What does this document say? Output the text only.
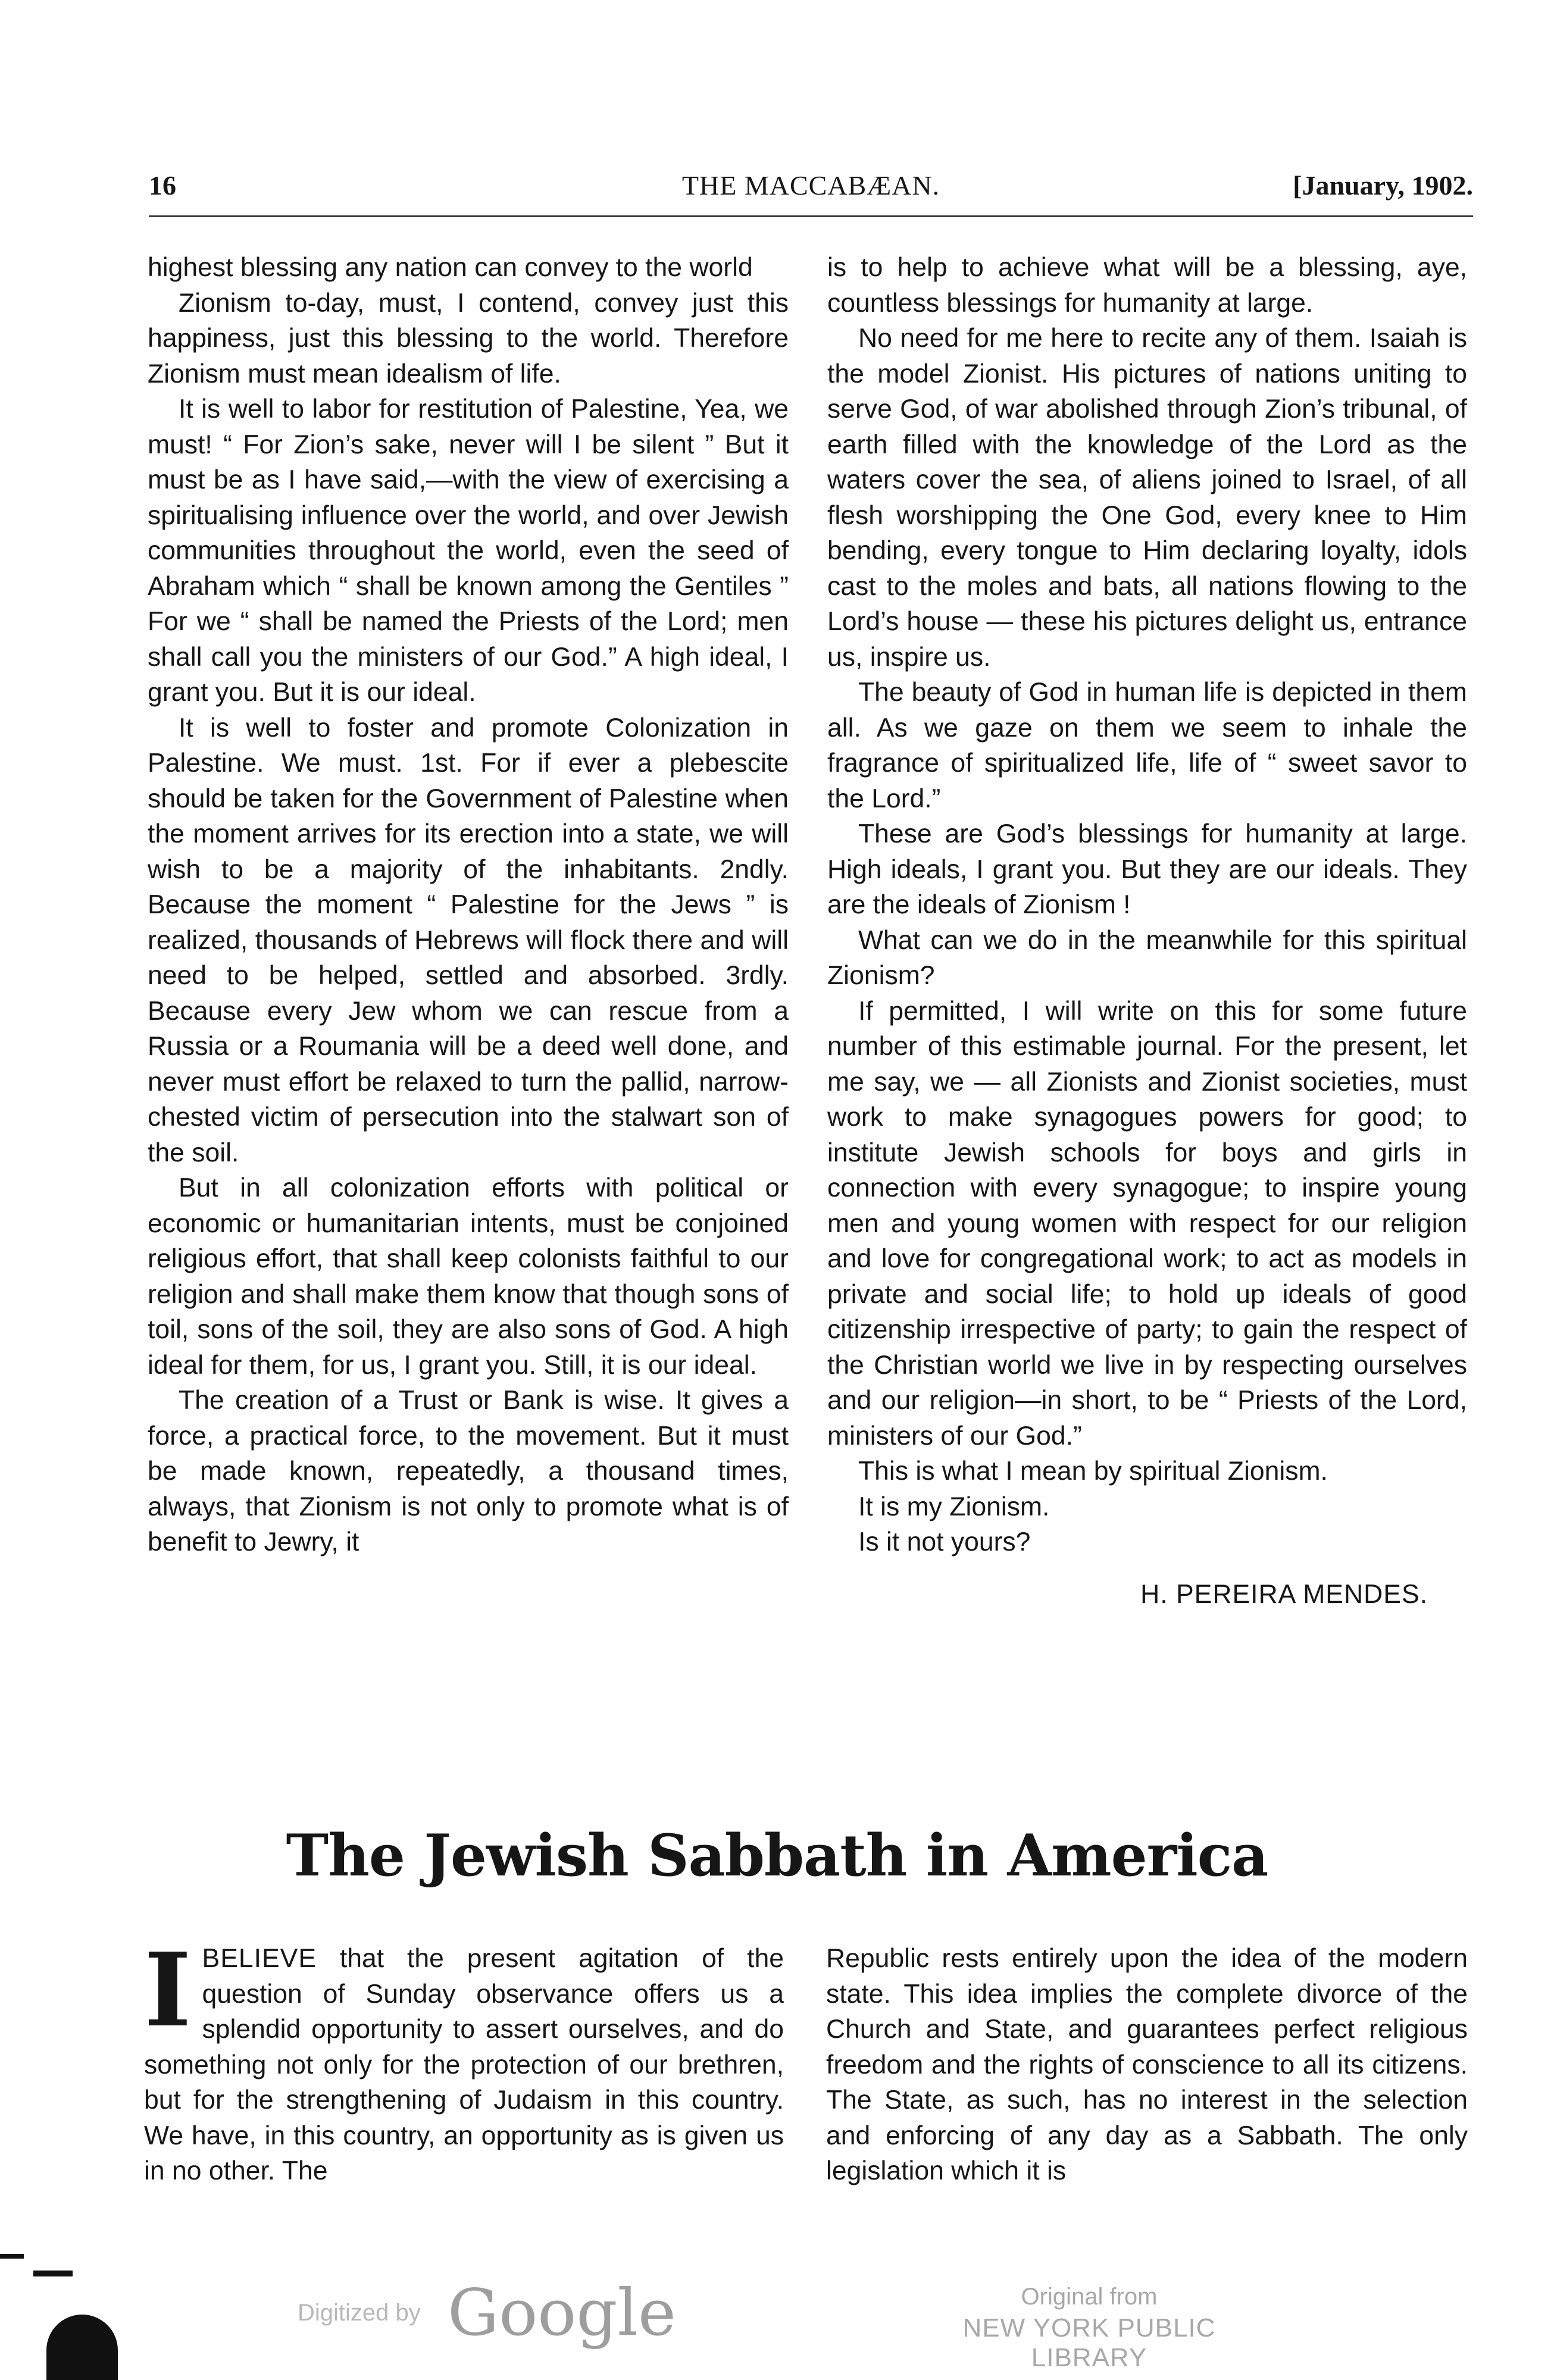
16	THE MACCABÆAN.	[January, 1902.

highest blessing any nation can convey to the world

Zionism to-day, must, I contend, convey just this happiness, just this blessing to the world. Therefore Zionism must mean idealism of life.

It is well to labor for restitution of Palestine, Yea, we must! “ For Zion’s sake, never will I be silent ” But it must be as I have said,—with the view of exercising a spiritualising influence over the world, and over Jewish communities throughout the world, even the seed of Abraham which “ shall be known among the Gentiles ” For we “ shall be named the Priests of the Lord; men shall call you the ministers of our God.” A high ideal, I grant you. But it is our ideal.

It is well to foster and promote Colonization in Palestine. We must. 1st. For if ever a plebescite should be taken for the Government of Palestine when the moment arrives for its erection into a state, we will wish to be a majority of the inhabitants. 2ndly. Because the moment “ Palestine for the Jews ” is realized, thousands of Hebrews will flock there and will need to be helped, settled and absorbed. 3rdly. Because every Jew whom we can rescue from a Russia or a Roumania will be a deed well done, and never must effort be relaxed to turn the pallid, narrow-chested victim of persecution into the stalwart son of the soil.

But in all colonization efforts with political or economic or humanitarian intents, must be conjoined religious effort, that shall keep colonists faithful to our religion and shall make them know that though sons of toil, sons of the soil, they are also sons of God. A high ideal for them, for us, I grant you. Still, it is our ideal.

The creation of a Trust or Bank is wise. It gives a force, a practical force, to the movement. But it must be made known, repeatedly, a thousand times, always, that Zionism is not only to promote what is of benefit to Jewry, it

is to help to achieve what will be a blessing, aye, countless blessings for humanity at large.

No need for me here to recite any of them. Isaiah is the model Zionist. His pictures of nations uniting to serve God, of war abolished through Zion’s tribunal, of earth filled with the knowledge of the Lord as the waters cover the sea, of aliens joined to Israel, of all flesh worshipping the One God, every knee to Him bending, every tongue to Him declaring loyalty, idols cast to the moles and bats, all nations flowing to the Lord’s house — these his pictures delight us, entrance us, inspire us.

The beauty of God in human life is depicted in them all. As we gaze on them we seem to inhale the fragrance of spiritualized life, life of “ sweet savor to the Lord.”

These are God’s blessings for humanity at large. High ideals, I grant you. But they are our ideals. They are the ideals of Zionism !

What can we do in the meanwhile for this spiritual Zionism?

If permitted, I will write on this for some future number of this estimable journal. For the present, let me say, we — all Zionists and Zionist societies, must work to make synagogues powers for good; to institute Jewish schools for boys and girls in connection with every synagogue; to inspire young men and young women with respect for our religion and love for congregational work; to act as models in private and social life; to hold up ideals of good citizenship irrespective of party; to gain the respect of the Christian world we live in by respecting ourselves and our religion—in short, to be “ Priests of the Lord, ministers of our God.”

This is what I mean by spiritual Zionism.

It is my Zionism.

Is it not yours?

H. PEREIRA MENDES.

The Jewish Sabbath in America

IBELIEVE that the present agitation of the question of Sunday observance offers us a splendid opportunity to assert ourselves, and do something not only for the protection of our brethren, but for the strengthening of Judaism in this country. We have, in this country, an opportunity as is given us in no other. The

Republic rests entirely upon the idea of the modern state. This idea implies the complete divorce of the Church and State, and guarantees perfect religious freedom and the rights of conscience to all its citizens. The State, as such, has no interest in the selection and enforcing of any day as a Sabbath. The only legislation which it is

Digitized by Google	Original from
NEW YORK PUBLIC LIBRARY
